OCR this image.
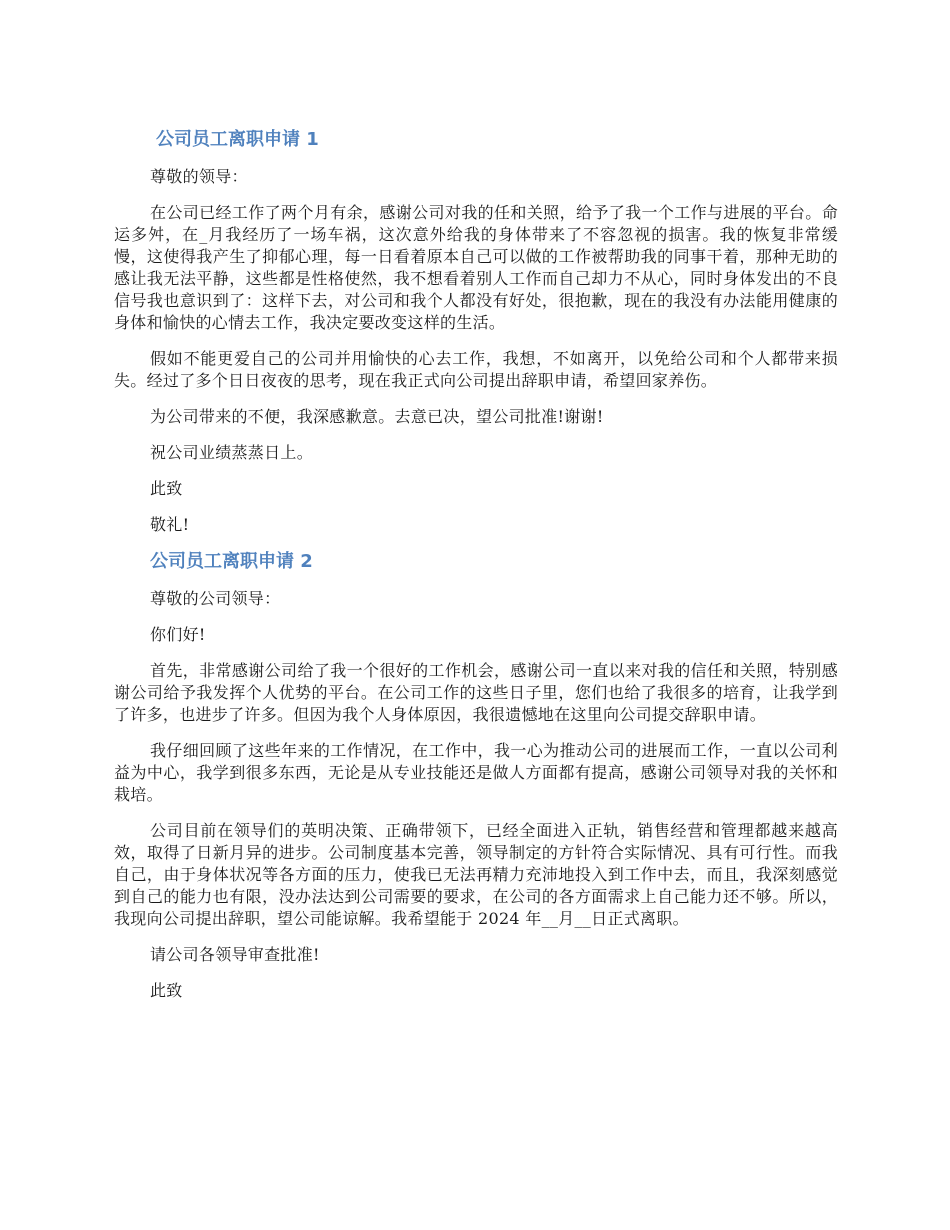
公司员工离职申请 1

尊敬的领导：

在公司已经工作了两个月有余，感谢公司对我的任和关照，给予了我一个工作与进展的平台。命运多舛，在_月我经历了一场车祸，这次意外给我的身体带来了不容忽视的损害。我的恢复非常缓慢，这使得我产生了抑郁心理，每一日看着原本自己可以做的工作被帮助我的同事干着，那种无助的感让我无法平静，这些都是性格使然，我不想看着别人工作而自己却力不从心，同时身体发出的不良信号我也意识到了：这样下去，对公司和我个人都没有好处，很抱歉，现在的我没有办法能用健康的身体和愉快的心情去工作，我决定要改变这样的生活。

假如不能更爱自己的公司并用愉快的心去工作，我想，不如离开，以免给公司和个人都带来损失。经过了多个日日夜夜的思考，现在我正式向公司提出辞职申请，希望回家养伤。

为公司带来的不便，我深感歉意。去意已决，望公司批准!谢谢!

祝公司业绩蒸蒸日上。

此致

敬礼!

公司员工离职申请 2

尊敬的公司领导：

你们好!

首先，非常感谢公司给了我一个很好的工作机会，感谢公司一直以来对我的信任和关照，特别感谢公司给予我发挥个人优势的平台。在公司工作的这些日子里，您们也给了我很多的培育，让我学到了许多，也进步了许多。但因为我个人身体原因，我很遗憾地在这里向公司提交辞职申请。

我仔细回顾了这些年来的工作情况，在工作中，我一心为推动公司的进展而工作，一直以公司利益为中心，我学到很多东西，无论是从专业技能还是做人方面都有提高，感谢公司领导对我的关怀和栽培。

公司目前在领导们的英明决策、正确带领下，已经全面进入正轨，销售经营和管理都越来越高效，取得了日新月异的进步。公司制度基本完善，领导制定的方针符合实际情况、具有可行性。而我自己，由于身体状况等各方面的压力，使我已无法再精力充沛地投入到工作中去，而且，我深刻感觉到自己的能力也有限，没办法达到公司需要的要求，在公司的各方面需求上自己能力还不够。所以，我现向公司提出辞职，望公司能谅解。我希望能于 2024 年__月__日正式离职。

请公司各领导审查批准!

此致
